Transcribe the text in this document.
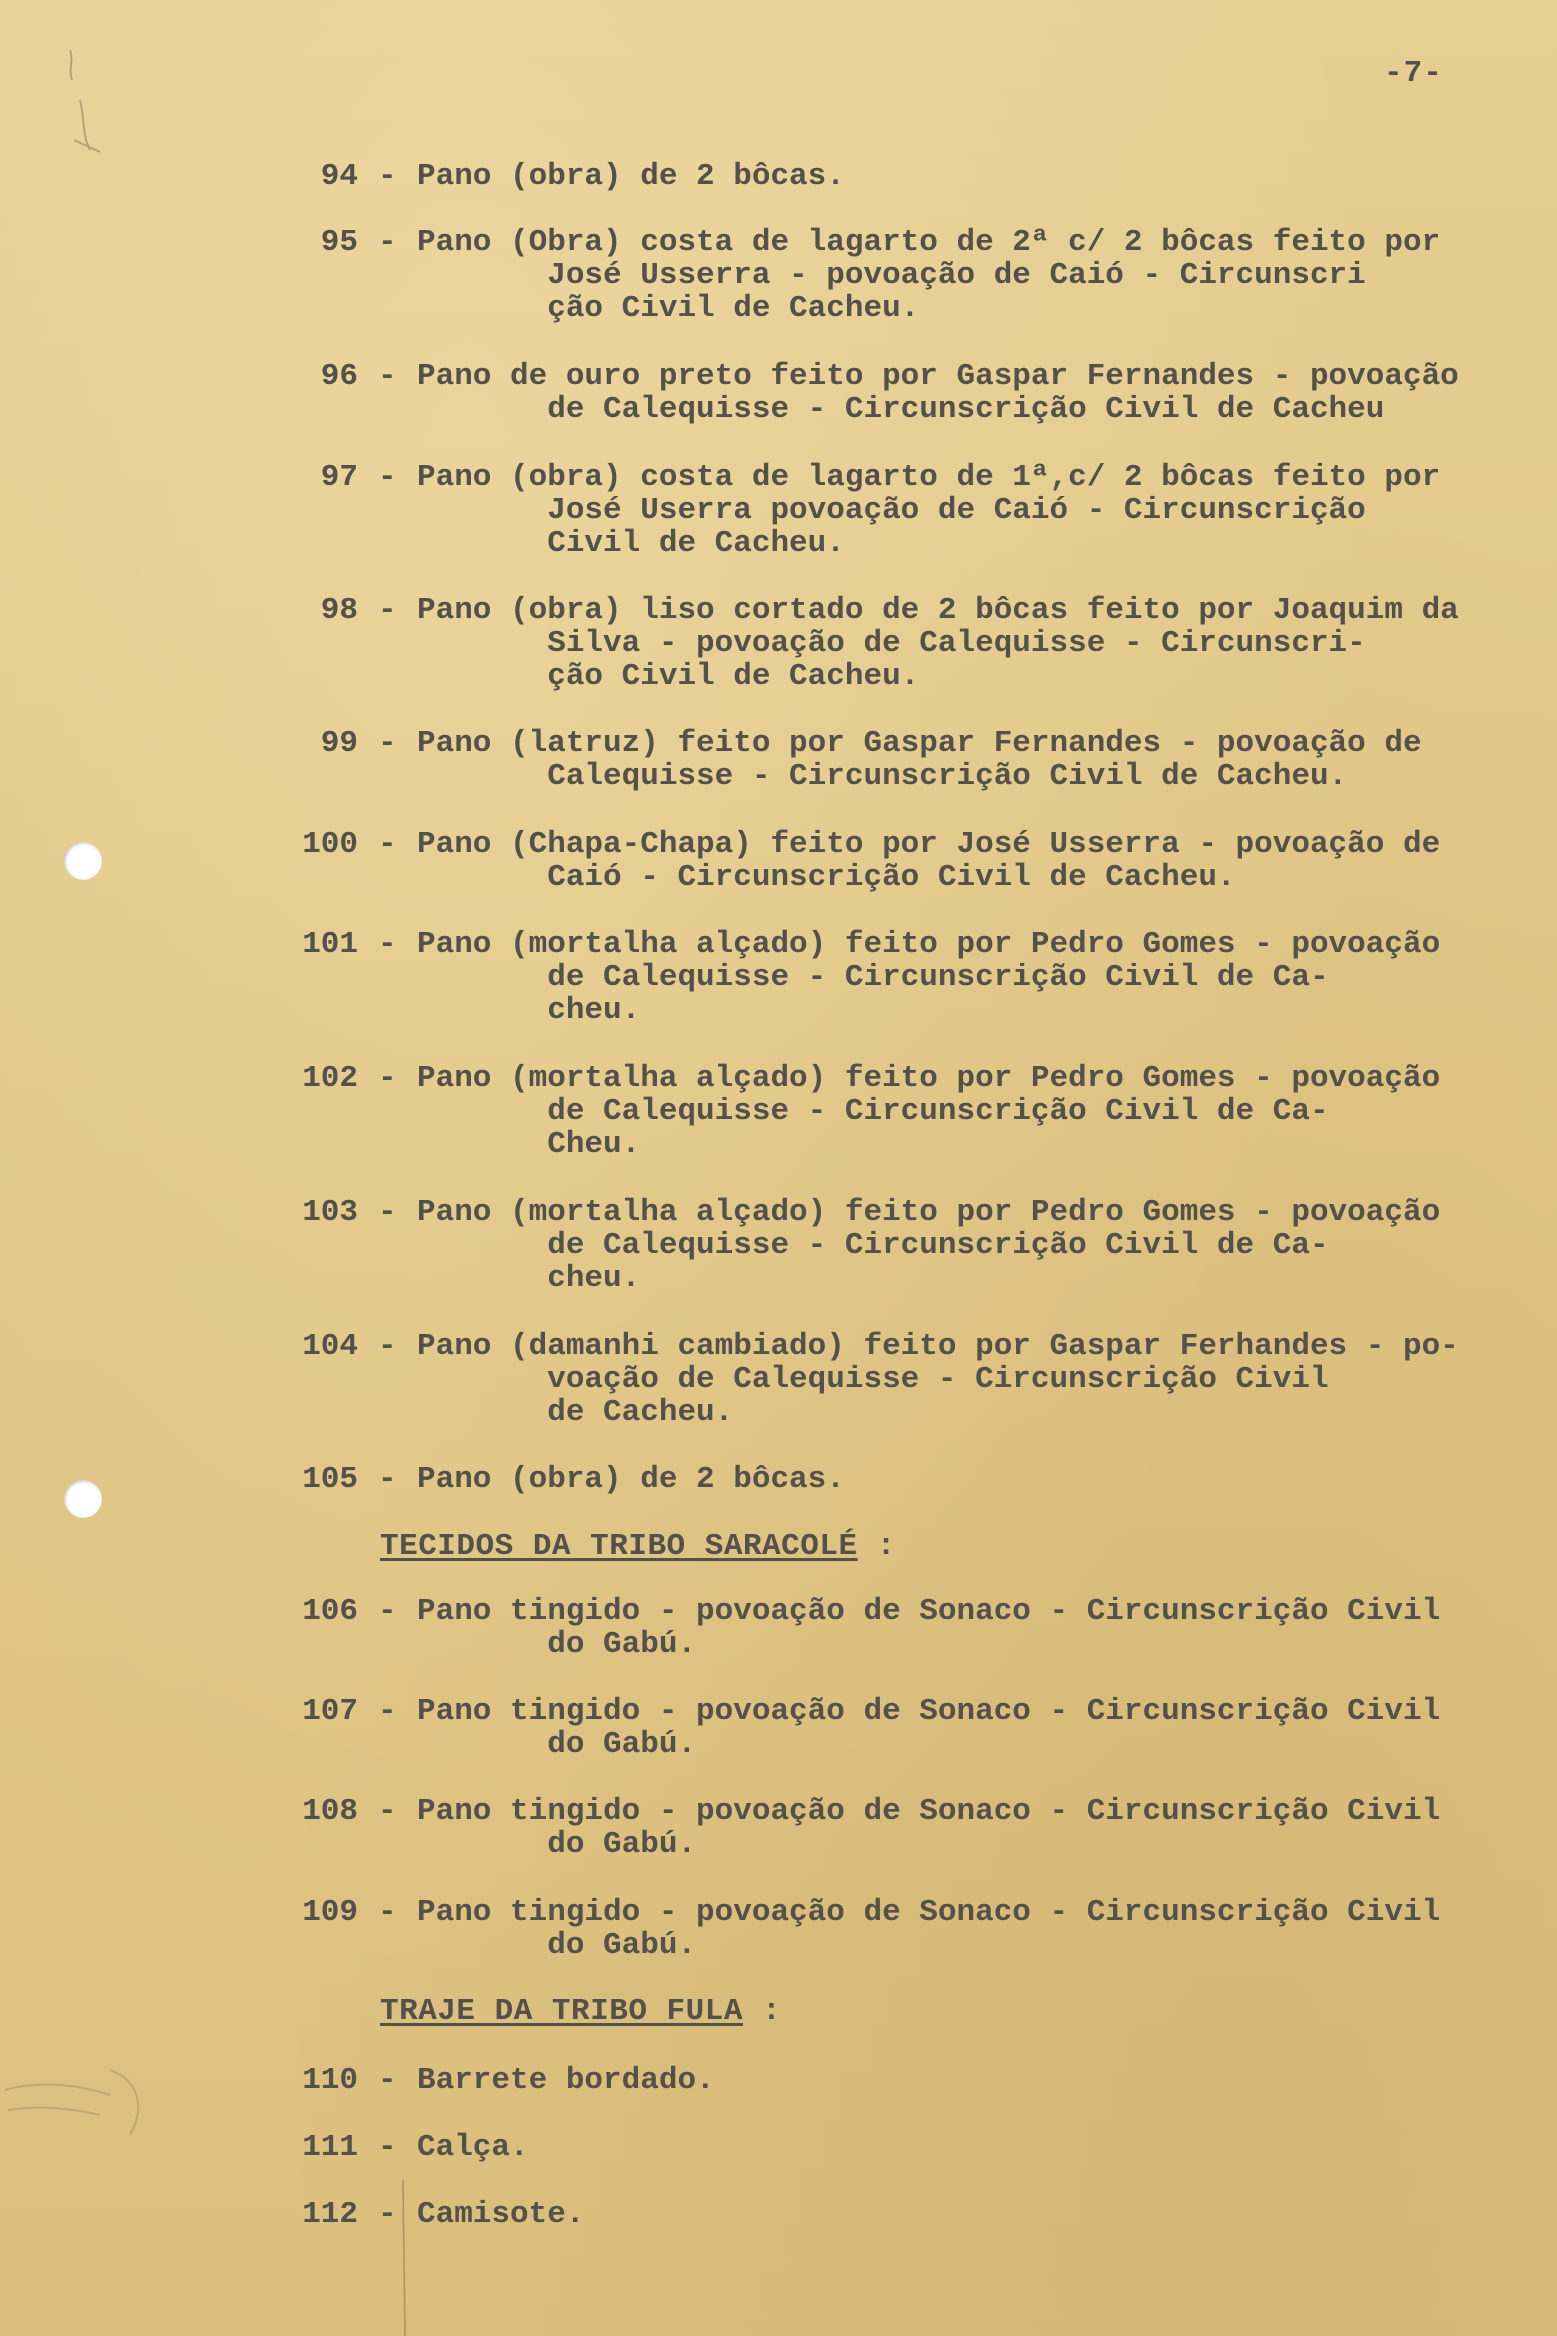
-7-
94 - Pano (obra) de 2 bôcas.
95 - Pano (Obra) costa de lagarto de 2ª c/ 2 bôcas feito por
José Usserra - povoação de Caió - Circunscri
ção Civil de Cacheu.
96 - Pano de ouro preto feito por Gaspar Fernandes - povoação
de Calequisse - Circunscrição Civil de Cacheu
97 - Pano (obra) costa de lagarto de 1ª,c/ 2 bôcas feito por
José Userra povoação de Caió - Circunscrição
Civil de Cacheu.
98 - Pano (obra) liso cortado de 2 bôcas feito por Joaquim da
Silva - povoação de Calequisse - Circunscri-
ção Civil de Cacheu.
99 - Pano (latruz) feito por Gaspar Fernandes - povoação de
Calequisse - Circunscrição Civil de Cacheu.
100 - Pano (Chapa-Chapa) feito por José Usserra - povoação de
Caió - Circunscrição Civil de Cacheu.
101 - Pano (mortalha alçado) feito por Pedro Gomes - povoação
de Calequisse - Circunscrição Civil de Ca-
cheu.
102 - Pano (mortalha alçado) feito por Pedro Gomes - povoação
de Calequisse - Circunscrição Civil de Ca-
Cheu.
103 - Pano (mortalha alçado) feito por Pedro Gomes - povoação
de Calequisse - Circunscrição Civil de Ca-
cheu.
104 - Pano (damanhi cambiado) feito por Gaspar Ferhandes - po-
voação de Calequisse - Circunscrição Civil
de Cacheu.
105 - Pano (obra) de 2 bôcas.
TECIDOS DA TRIBO SARACOLÉ :
106 - Pano tingido - povoação de Sonaco - Circunscrição Civil
do Gabú.
107 - Pano tingido - povoação de Sonaco - Circunscrição Civil
do Gabú.
108 - Pano tingido - povoação de Sonaco - Circunscrição Civil
do Gabú.
109 - Pano tingido - povoação de Sonaco - Circunscrição Civil
do Gabú.
TRAJE DA TRIBO FULA :
110 - Barrete bordado.
111 - Calça.
112 - Camisote.
